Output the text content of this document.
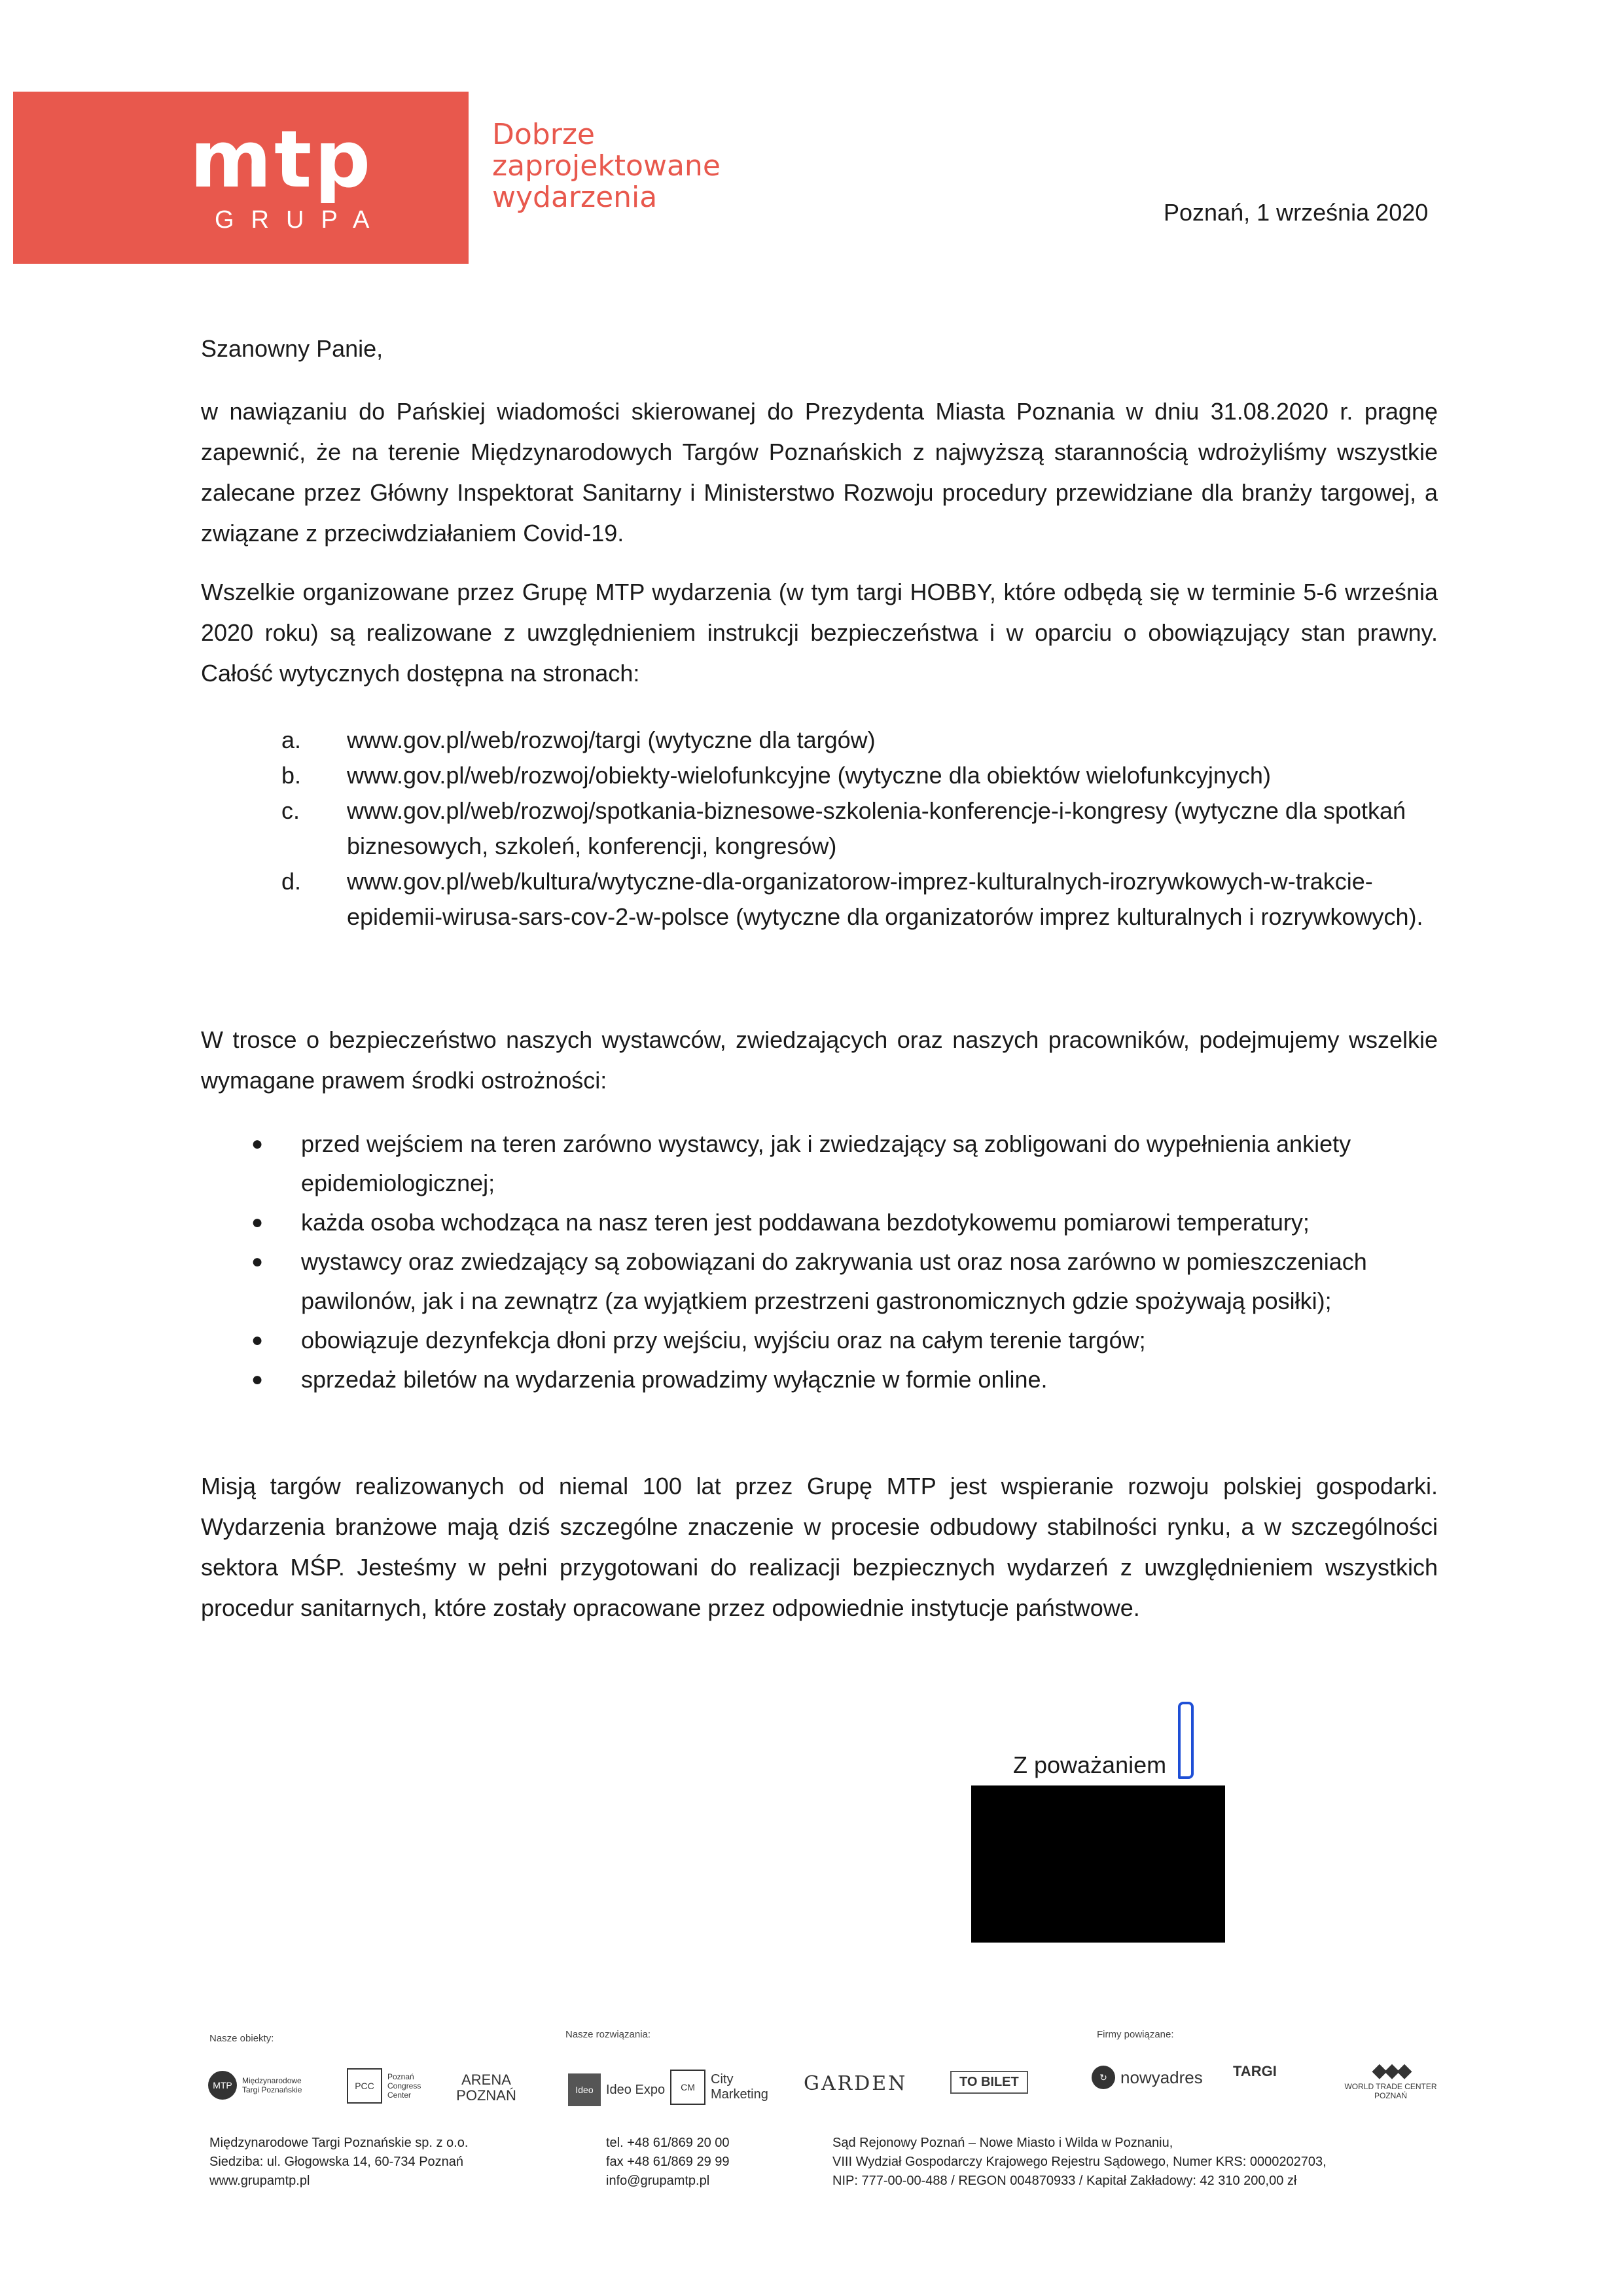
mtp
GRUPA
Dobrze
zaprojektowane
wydarzenia	Poznań, 1 września 2020
Szanowny Panie,
w nawiązaniu do Pańskiej wiadomości skierowanej do Prezydenta Miasta Poznania w dniu 31.08.2020 r. pragnę zapewnić, że na terenie Międzynarodowych Targów Poznańskich z najwyższą starannością wdrożyliśmy wszystkie zalecane przez Główny Inspektorat Sanitarny i Ministerstwo Rozwoju procedury przewidziane dla branży targowej, a związane z przeciwdziałaniem Covid-19.
Wszelkie organizowane przez Grupę MTP wydarzenia (w tym targi HOBBY, które odbędą się w terminie 5-6 września 2020 roku) są realizowane z uwzględnieniem instrukcji bezpieczeństwa i w oparciu o obowiązujący stan prawny. Całość wytycznych dostępna na stronach:
a. www.gov.pl/web/rozwoj/targi (wytyczne dla targów)
b. www.gov.pl/web/rozwoj/obiekty-wielofunkcyjne (wytyczne dla obiektów wielofunkcyjnych)
c. www.gov.pl/web/rozwoj/spotkania-biznesowe-szkolenia-konferencje-i-kongresy (wytyczne dla spotkań biznesowych, szkoleń, konferencji, kongresów)
d. www.gov.pl/web/kultura/wytyczne-dla-organizatorow-imprez-kulturalnych-irozrywkowych-w-trakcie-epidemii-wirusa-sars-cov-2-w-polsce (wytyczne dla organizatorów imprez kulturalnych i rozrywkowych).
W trosce o bezpieczeństwo naszych wystawców, zwiedzających oraz naszych pracowników, podejmujemy wszelkie wymagane prawem środki ostrożności:
● przed wejściem na teren zarówno wystawcy, jak i zwiedzający są zobligowani do wypełnienia ankiety epidemiologicznej;
● każda osoba wchodząca na nasz teren jest poddawana bezdotykowemu pomiarowi temperatury;
● wystawcy oraz zwiedzający są zobowiązani do zakrywania ust oraz nosa zarówno w pomieszczeniach pawilonów, jak i na zewnątrz (za wyjątkiem przestrzeni gastronomicznych gdzie spożywają posiłki);
● obowiązuje dezynfekcja dłoni przy wejściu, wyjściu oraz na całym terenie targów;
● sprzedaż biletów na wydarzenia prowadzimy wyłącznie w formie online.
Misją targów realizowanych od niemal 100 lat przez Grupę MTP jest wspieranie rozwoju polskiej gospodarki. Wydarzenia branżowe mają dziś szczególne znaczenie w procesie odbudowy stabilności rynku, a w szczególności sektora MŚP. Jesteśmy w pełni przygotowani do realizacji bezpiecznych wydarzeń z uwzględnieniem wszystkich procedur sanitarnych, które zostały opracowane przez odpowiednie instytucje państwowe.
Z poważaniem
Nasze obiekty:	Nasze rozwiązania:	Firmy powiązane:
MTP	Międzynarodowe Targi Poznańskie	PCC
Poznań Congress Center
ARENA POZNAŃ	Ideo Ideo Expo	CM
City Marketing	GARDEN	TO BILET	↻ nowyadres TARGI	◆◆◆
WORLD TRADE CENTER POZNAŃ
Międzynarodowe Targi Poznańskie sp. z o.o.
Siedziba: ul. Głogowska 14, 60-734 Poznań
www.grupamtp.pl
tel. +48 61/869 20 00
fax +48 61/869 29 99
info@grupamtp.pl
Sąd Rejonowy Poznań – Nowe Miasto i Wilda w Poznaniu,
VIII Wydział Gospodarczy Krajowego Rejestru Sądowego, Numer KRS: 0000202703,
NIP: 777-00-00-488 / REGON 004870933 / Kapitał Zakładowy: 42 310 200,00 zł
